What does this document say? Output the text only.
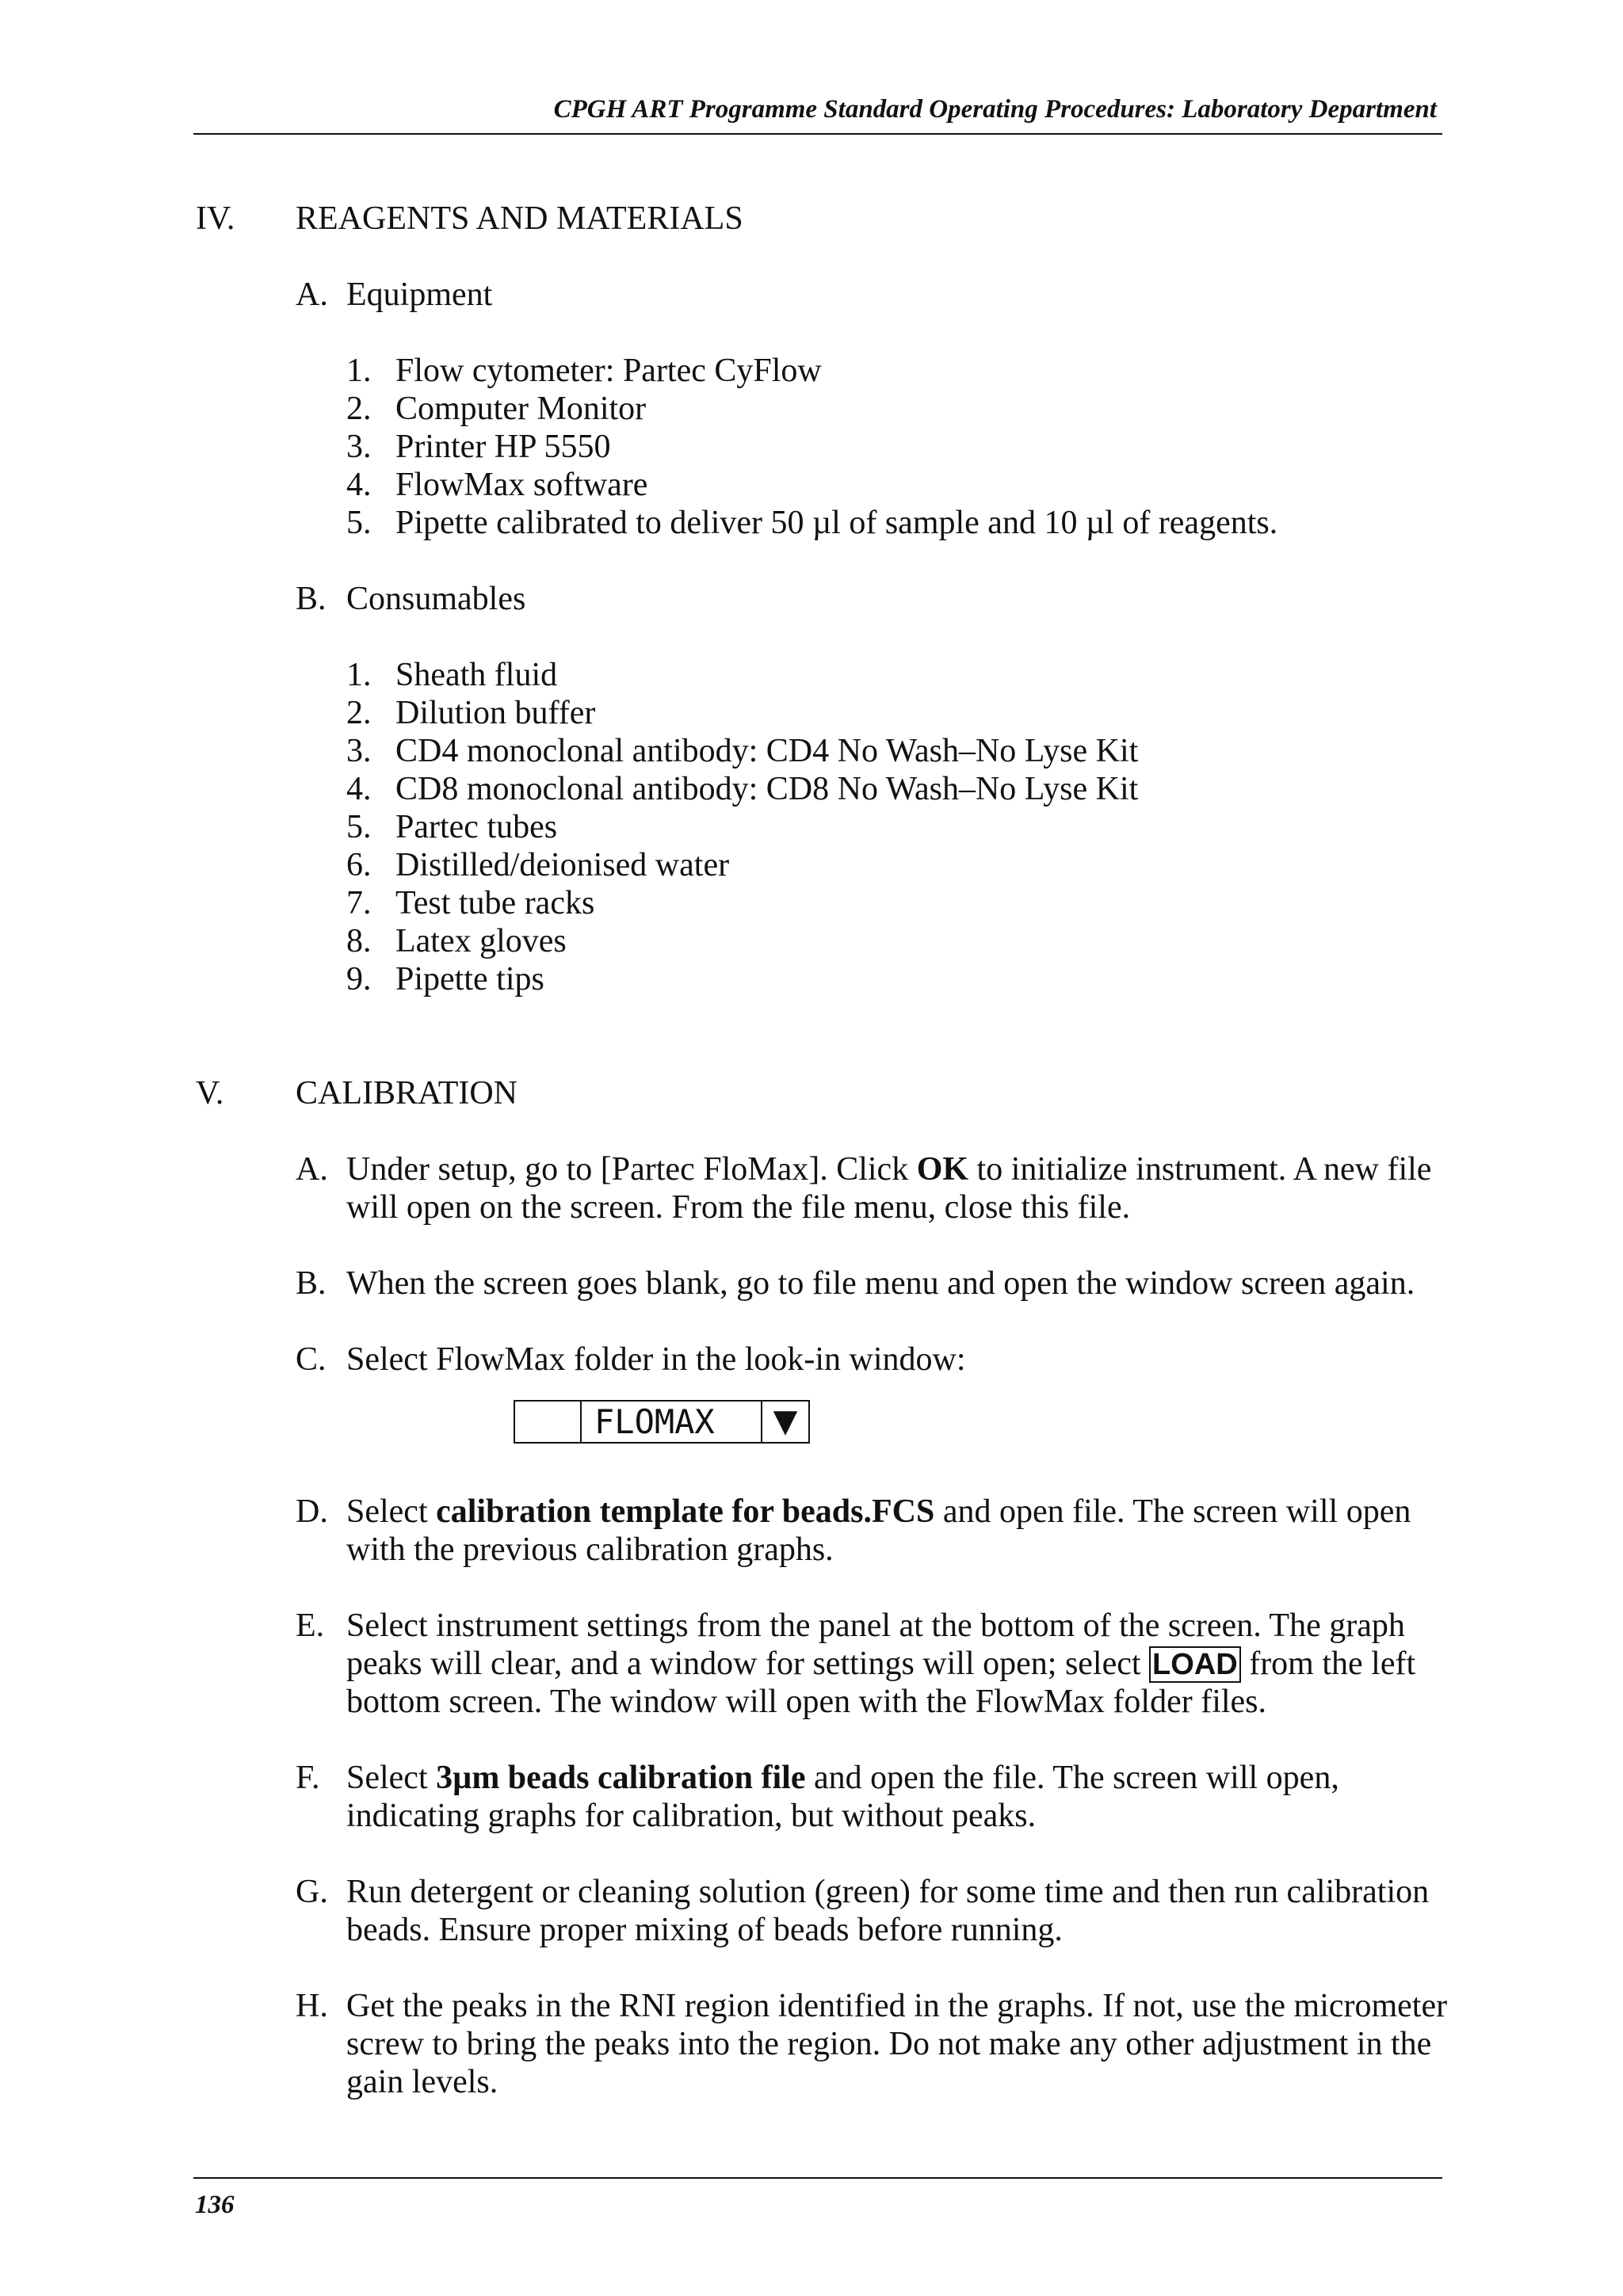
CPGH ART Programme Standard Operating Procedures: Laboratory Department
IV. REAGENTS AND MATERIALS
A. Equipment
1. Flow cytometer: Partec CyFlow
2. Computer Monitor
3. Printer HP 5550
4. FlowMax software
5. Pipette calibrated to deliver 50 µl of sample and 10 µl of reagents.
B. Consumables
1. Sheath fluid
2. Dilution buffer
3. CD4 monoclonal antibody: CD4 No Wash–No Lyse Kit
4. CD8 monoclonal antibody: CD8 No Wash–No Lyse Kit
5. Partec tubes
6. Distilled/deionised water
7. Test tube racks
8. Latex gloves
9. Pipette tips
V. CALIBRATION
A. Under setup, go to [Partec FloMax]. Click OK to initialize instrument. A new file will open on the screen. From the file menu, close this file.
B. When the screen goes blank, go to file menu and open the window screen again.
C. Select FlowMax folder in the look-in window:
FLOMAX	▼
D. Select calibration template for beads.FCS and open file. The screen will open with the previous calibration graphs.
E. Select instrument settings from the panel at the bottom of the screen. The graph peaks will clear, and a window for settings will open; select LOAD from the left bottom screen. The window will open with the FlowMax folder files.
F. Select 3µm beads calibration file and open the file. The screen will open, indicating graphs for calibration, but without peaks.
G. Run detergent or cleaning solution (green) for some time and then run calibration beads. Ensure proper mixing of beads before running.
H. Get the peaks in the RNI region identified in the graphs. If not, use the micrometer screw to bring the peaks into the region. Do not make any other adjustment in the gain levels.
136
